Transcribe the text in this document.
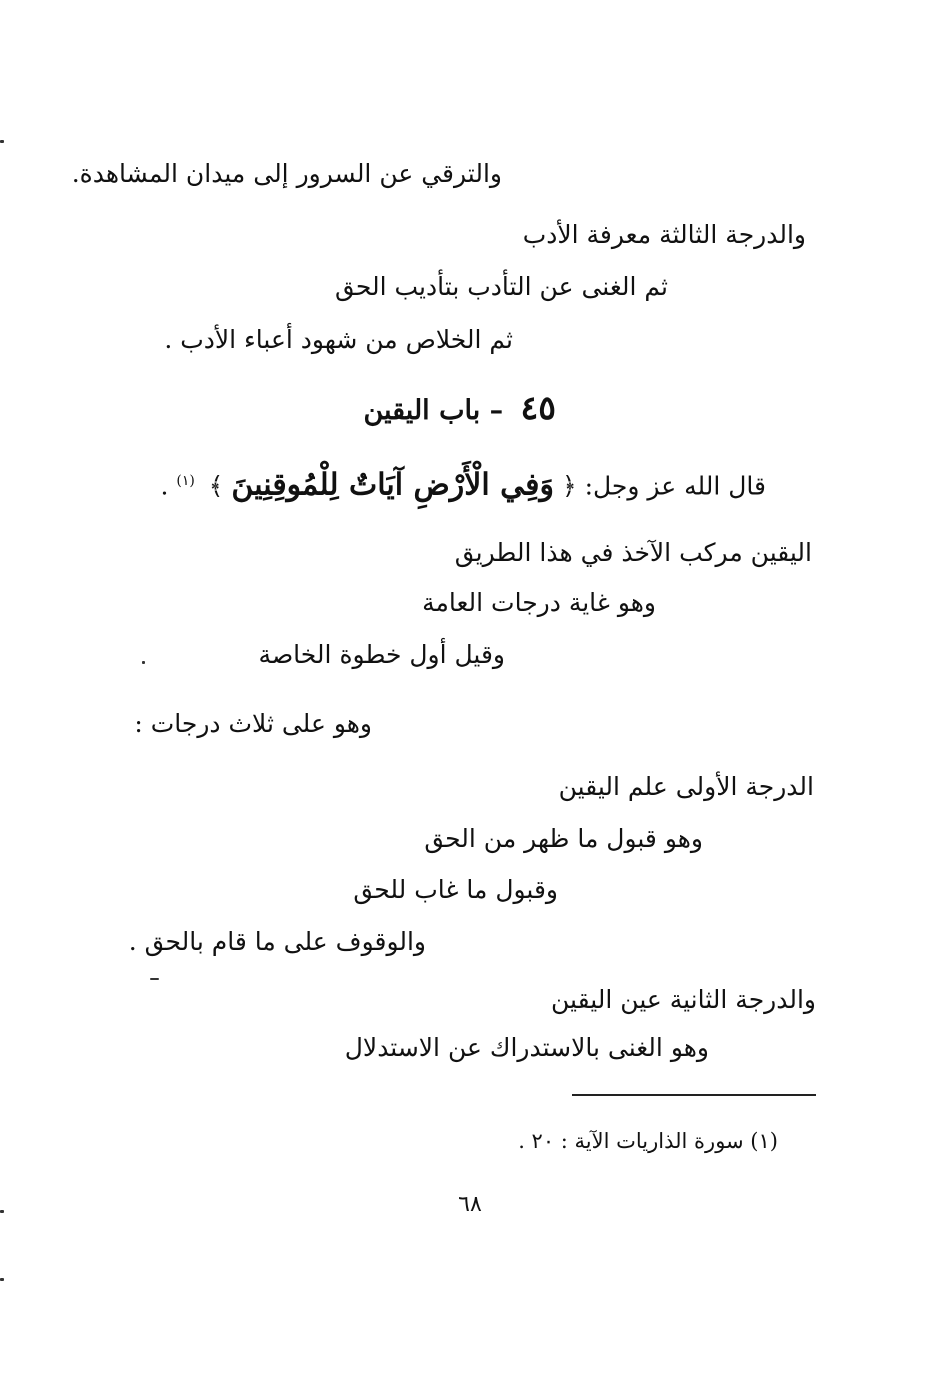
والترقي عن السرور إلى ميدان المشاهدة.
والدرجة الثالثة معرفة الأدب
ثم الغنى عن التأدب بتأديب الحق
ثم الخلاص من شهود أعباء الأدب .
٤٥ – باب اليقين
قال الله عز وجل: ﴿ وَفِي الْأَرْضِ آيَاتٌ لِلْمُوقِنِينَ ﴾ $^{(١)}$ .
اليقين مركب الآخذ في هذا الطريق
وهو غاية درجات العامة
وقيل أول خطوة الخاصة
وهو على ثلاث درجات :
الدرجة الأولى علم اليقين
وهو قبول ما ظهر من الحق
وقبول ما غاب للحق
والوقوف على ما قام بالحق .
والدرجة الثانية عين اليقين
وهو الغنى بالاستدراك عن الاستدلال
(١) سورة الذاريات الآية : ٢٠ .
٦٨
